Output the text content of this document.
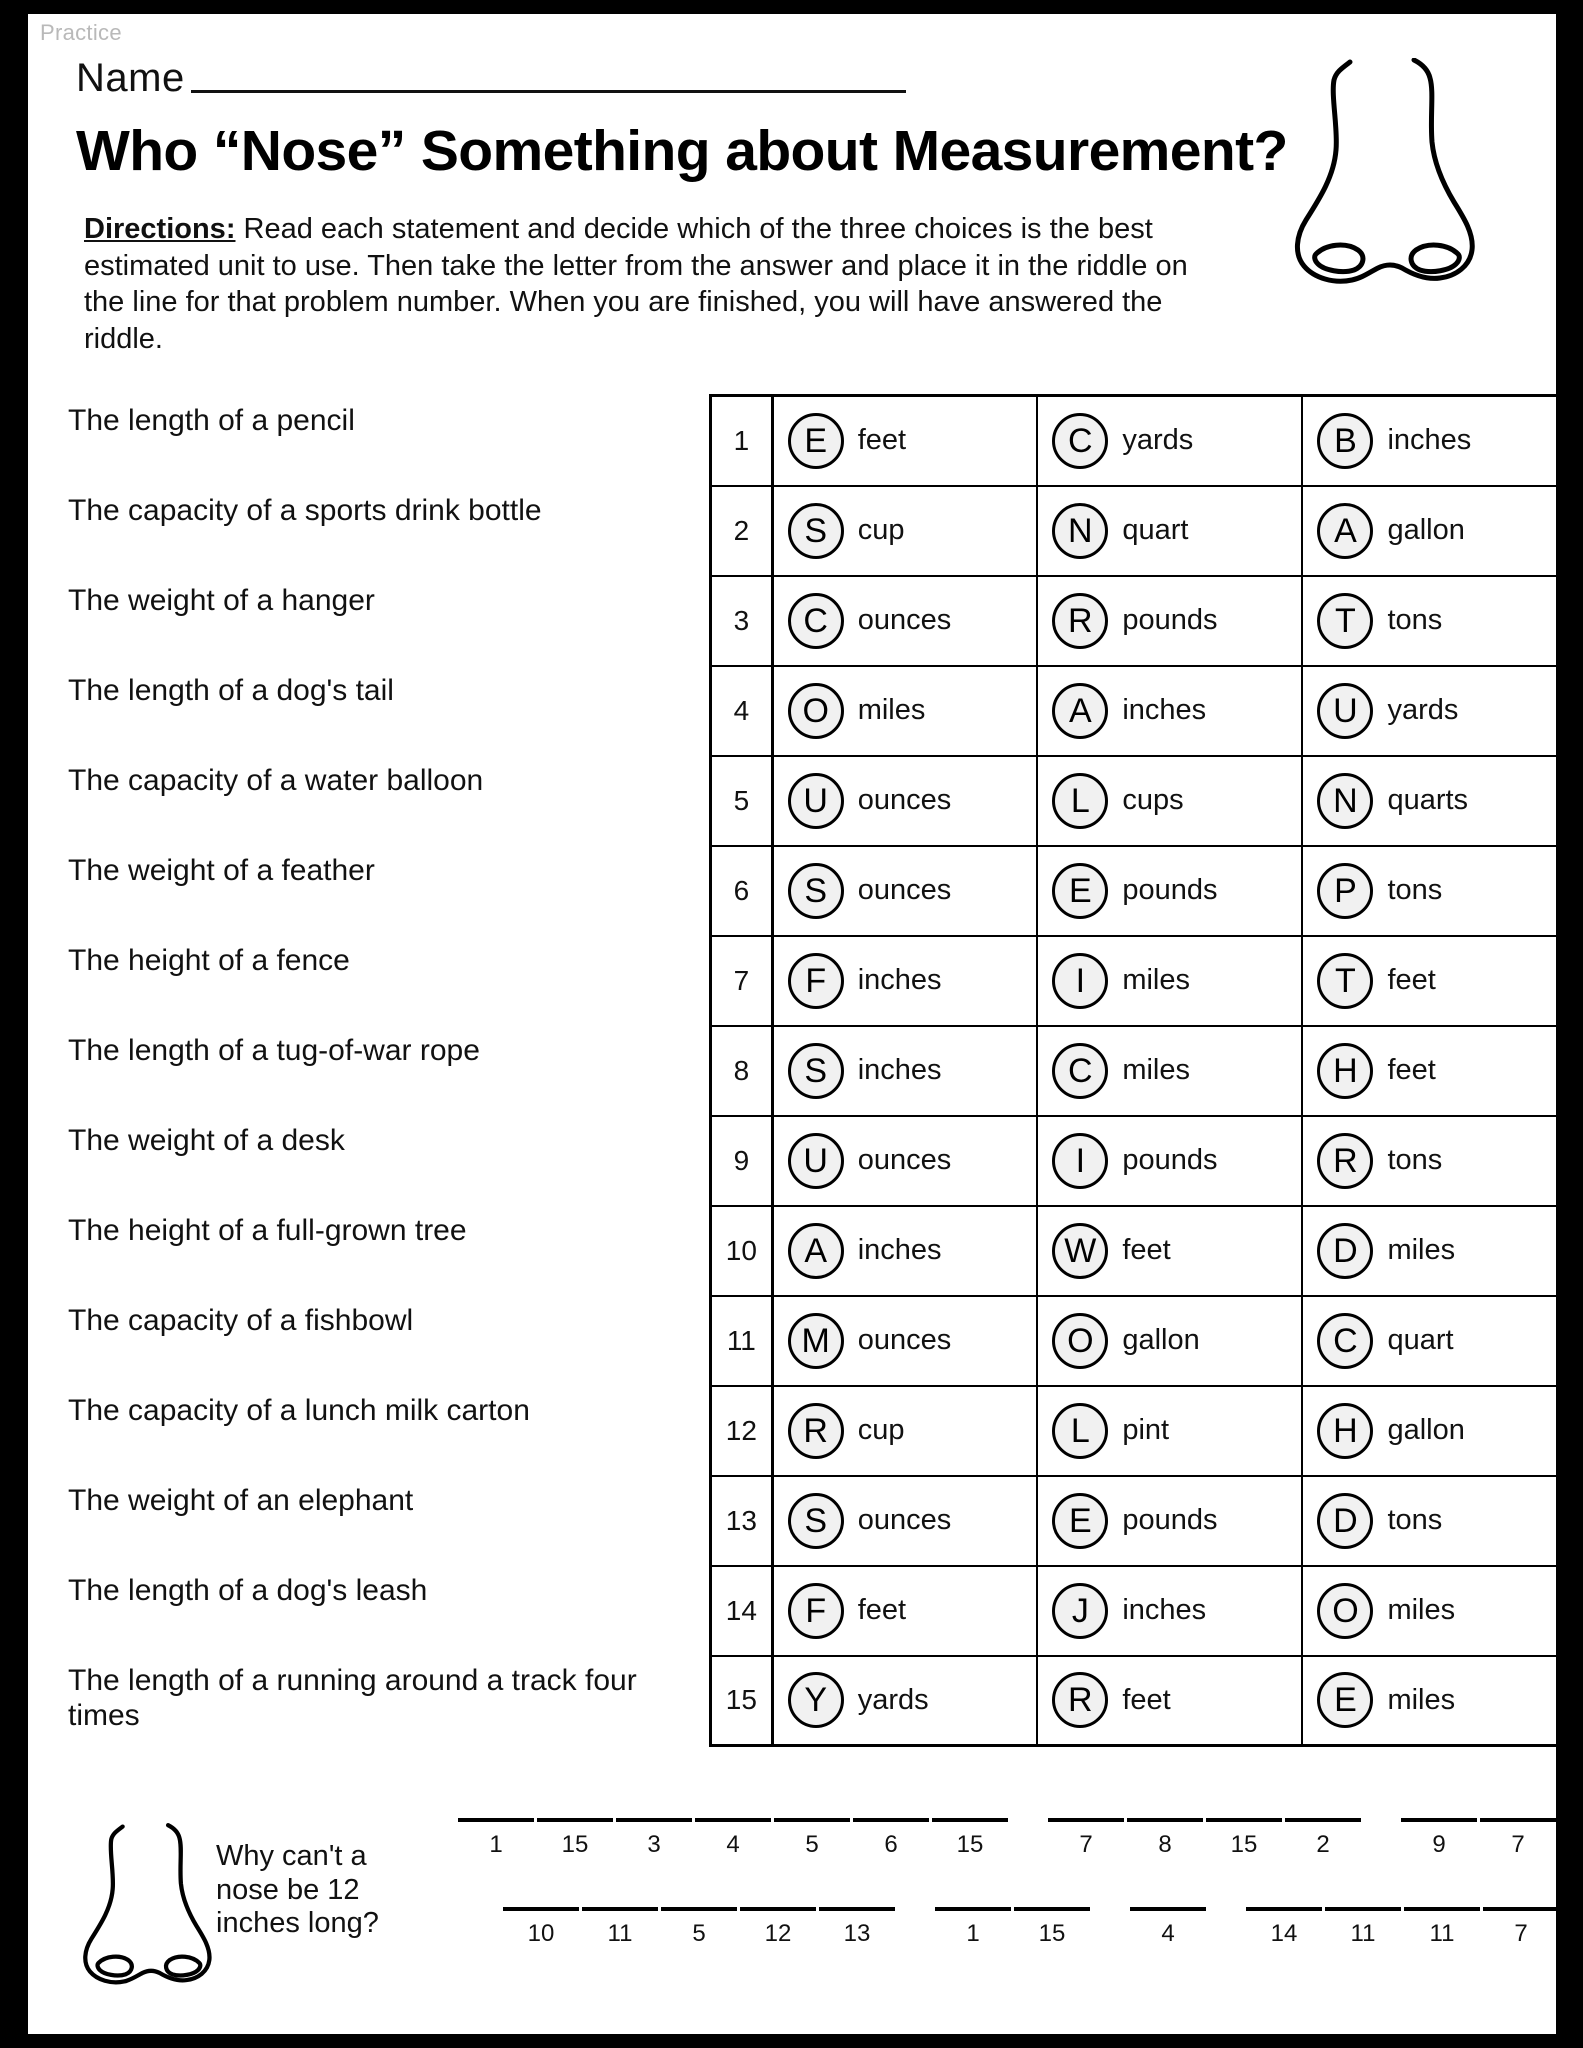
Practice
Name
Who “Nose” Something about Measurement?
Directions: Read each statement and decide which of the three choices is the best estimated unit to use. Then take the letter from the answer and place it in the riddle on the line for that problem number. When you are finished, you will have answered the riddle.
The length of a pencil
The capacity of a sports drink bottle
The weight of a hanger
The length of a dog's tail
The capacity of a water balloon
The weight of a feather
The height of a fence
The length of a tug-of-war rope
The weight of a desk
The height of a full-grown tree
The capacity of a fishbowl
The capacity of a lunch milk carton
The weight of an elephant
The length of a dog's leash
The length of a running around a track four times
1	E feet	C yards	B inches

2	S cup	N quart	A gallon

3	C ounces	R pounds	T tons

4	O miles	A inches	U yards

5	U ounces	L cups	N quarts

6	S ounces	E pounds	P tons

7	F inches	I miles	T feet

8	S inches	C miles	H feet

9	U ounces	I pounds	R tons

10	A inches	W feet	D miles

11	M ounces	O gallon	C quart

12	R cup	L pint	H gallon

13	S ounces	E pounds	D tons

14	F feet	J inches	O miles

15	Y yards	R feet	E miles
Why can't a nose be 12 inches long?
1 15 3	4	5	6 15	7	8 15 2	9	7
10 11 5 12 13	1 15	4	14 11 11 7
